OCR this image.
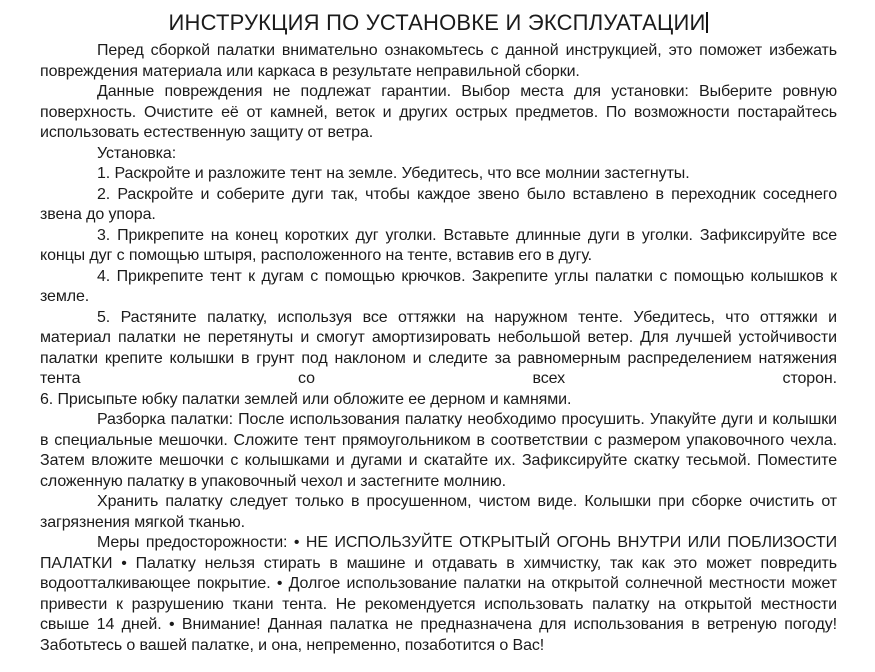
ИНСТРУКЦИЯ ПО УСТАНОВКЕ И ЭКСПЛУАТАЦИИ

Перед сборкой палатки внимательно ознакомьтесь с данной инструкцией, это поможет избежать повреждения материала или каркаса в результате неправильной сборки.

Данные повреждения не подлежат гарантии. Выбор места для установки: Выберите ровную поверхность. Очистите её от камней, веток и других острых предметов. По возможности постарайтесь использовать естественную защиту от ветра.

Установка:

1. Раскройте и разложите тент на земле. Убедитесь, что все молнии застегнуты.

2. Раскройте и соберите дуги так, чтобы каждое звено было вставлено в переходник соседнего звена до упора.

3. Прикрепите на конец коротких дуг уголки. Вставьте длинные дуги в уголки. Зафиксируйте все концы дуг с помощью штыря, расположенного на тенте, вставив его в дугу.

4. Прикрепите тент к дугам с помощью крючков. Закрепите углы палатки с помощью колышков к земле.

5. Растяните палатку, используя все оттяжки на наружном тенте. Убедитесь, что оттяжки и материал палатки не перетянуты и смогут амортизировать небольшой ветер. Для лучшей устойчивости палатки крепите колышки в грунт под наклоном и следите за равномерным распределением натяжения тента со всех сторон.

6. Присыпьте юбку палатки землей или обложите ее дерном и камнями.

Разборка палатки: После использования палатку необходимо просушить. Упакуйте дуги и колышки в специальные мешочки. Сложите тент прямоугольником в соответствии с размером упаковочного чехла. Затем вложите мешочки с колышками и дугами и скатайте их. Зафиксируйте скатку тесьмой. Поместите сложенную палатку в упаковочный чехол и застегните молнию.

Хранить палатку следует только в просушенном, чистом виде. Колышки при сборке очистить от загрязнения мягкой тканью.

Меры предосторожности: • НЕ ИСПОЛЬЗУЙТЕ ОТКРЫТЫЙ ОГОНЬ ВНУТРИ ИЛИ ПОБЛИЗОСТИ ПАЛАТКИ • Палатку нельзя стирать в машине и отдавать в химчистку, так как это может повредить водоотталкивающее покрытие. • Долгое использование палатки на открытой солнечной местности может привести к разрушению ткани тента. Не рекомендуется использовать палатку на открытой местности свыше 14 дней. • Внимание! Данная палатка не предназначена для использования в ветреную погоду! Заботьтесь о вашей палатке, и она, непременно, позаботится о Вас!
